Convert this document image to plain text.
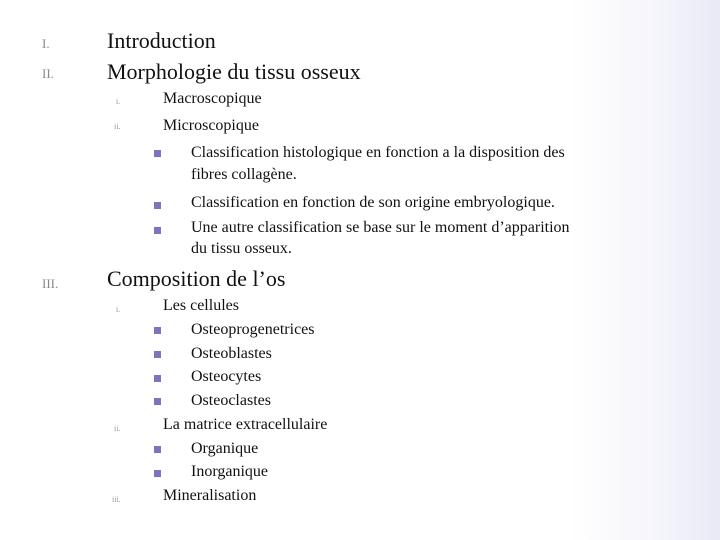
I.	Introduction
II. Morphologie du tissu osseux
i.	Macroscopique
ii.	Microscopique
Classification histologique en fonction a la disposition des
fibres collagène.
Classification en fonction de son origine embryologique.
Une autre classification se base sur le moment d’apparition
du tissu osseux.
III. Composition de l’os
i.	Les cellules
Osteoprogenetrices
Osteoblastes
Osteocytes
Osteoclastes
ii.	La matrice extracellulaire
Organique
Inorganique
iii.	Mineralisation
